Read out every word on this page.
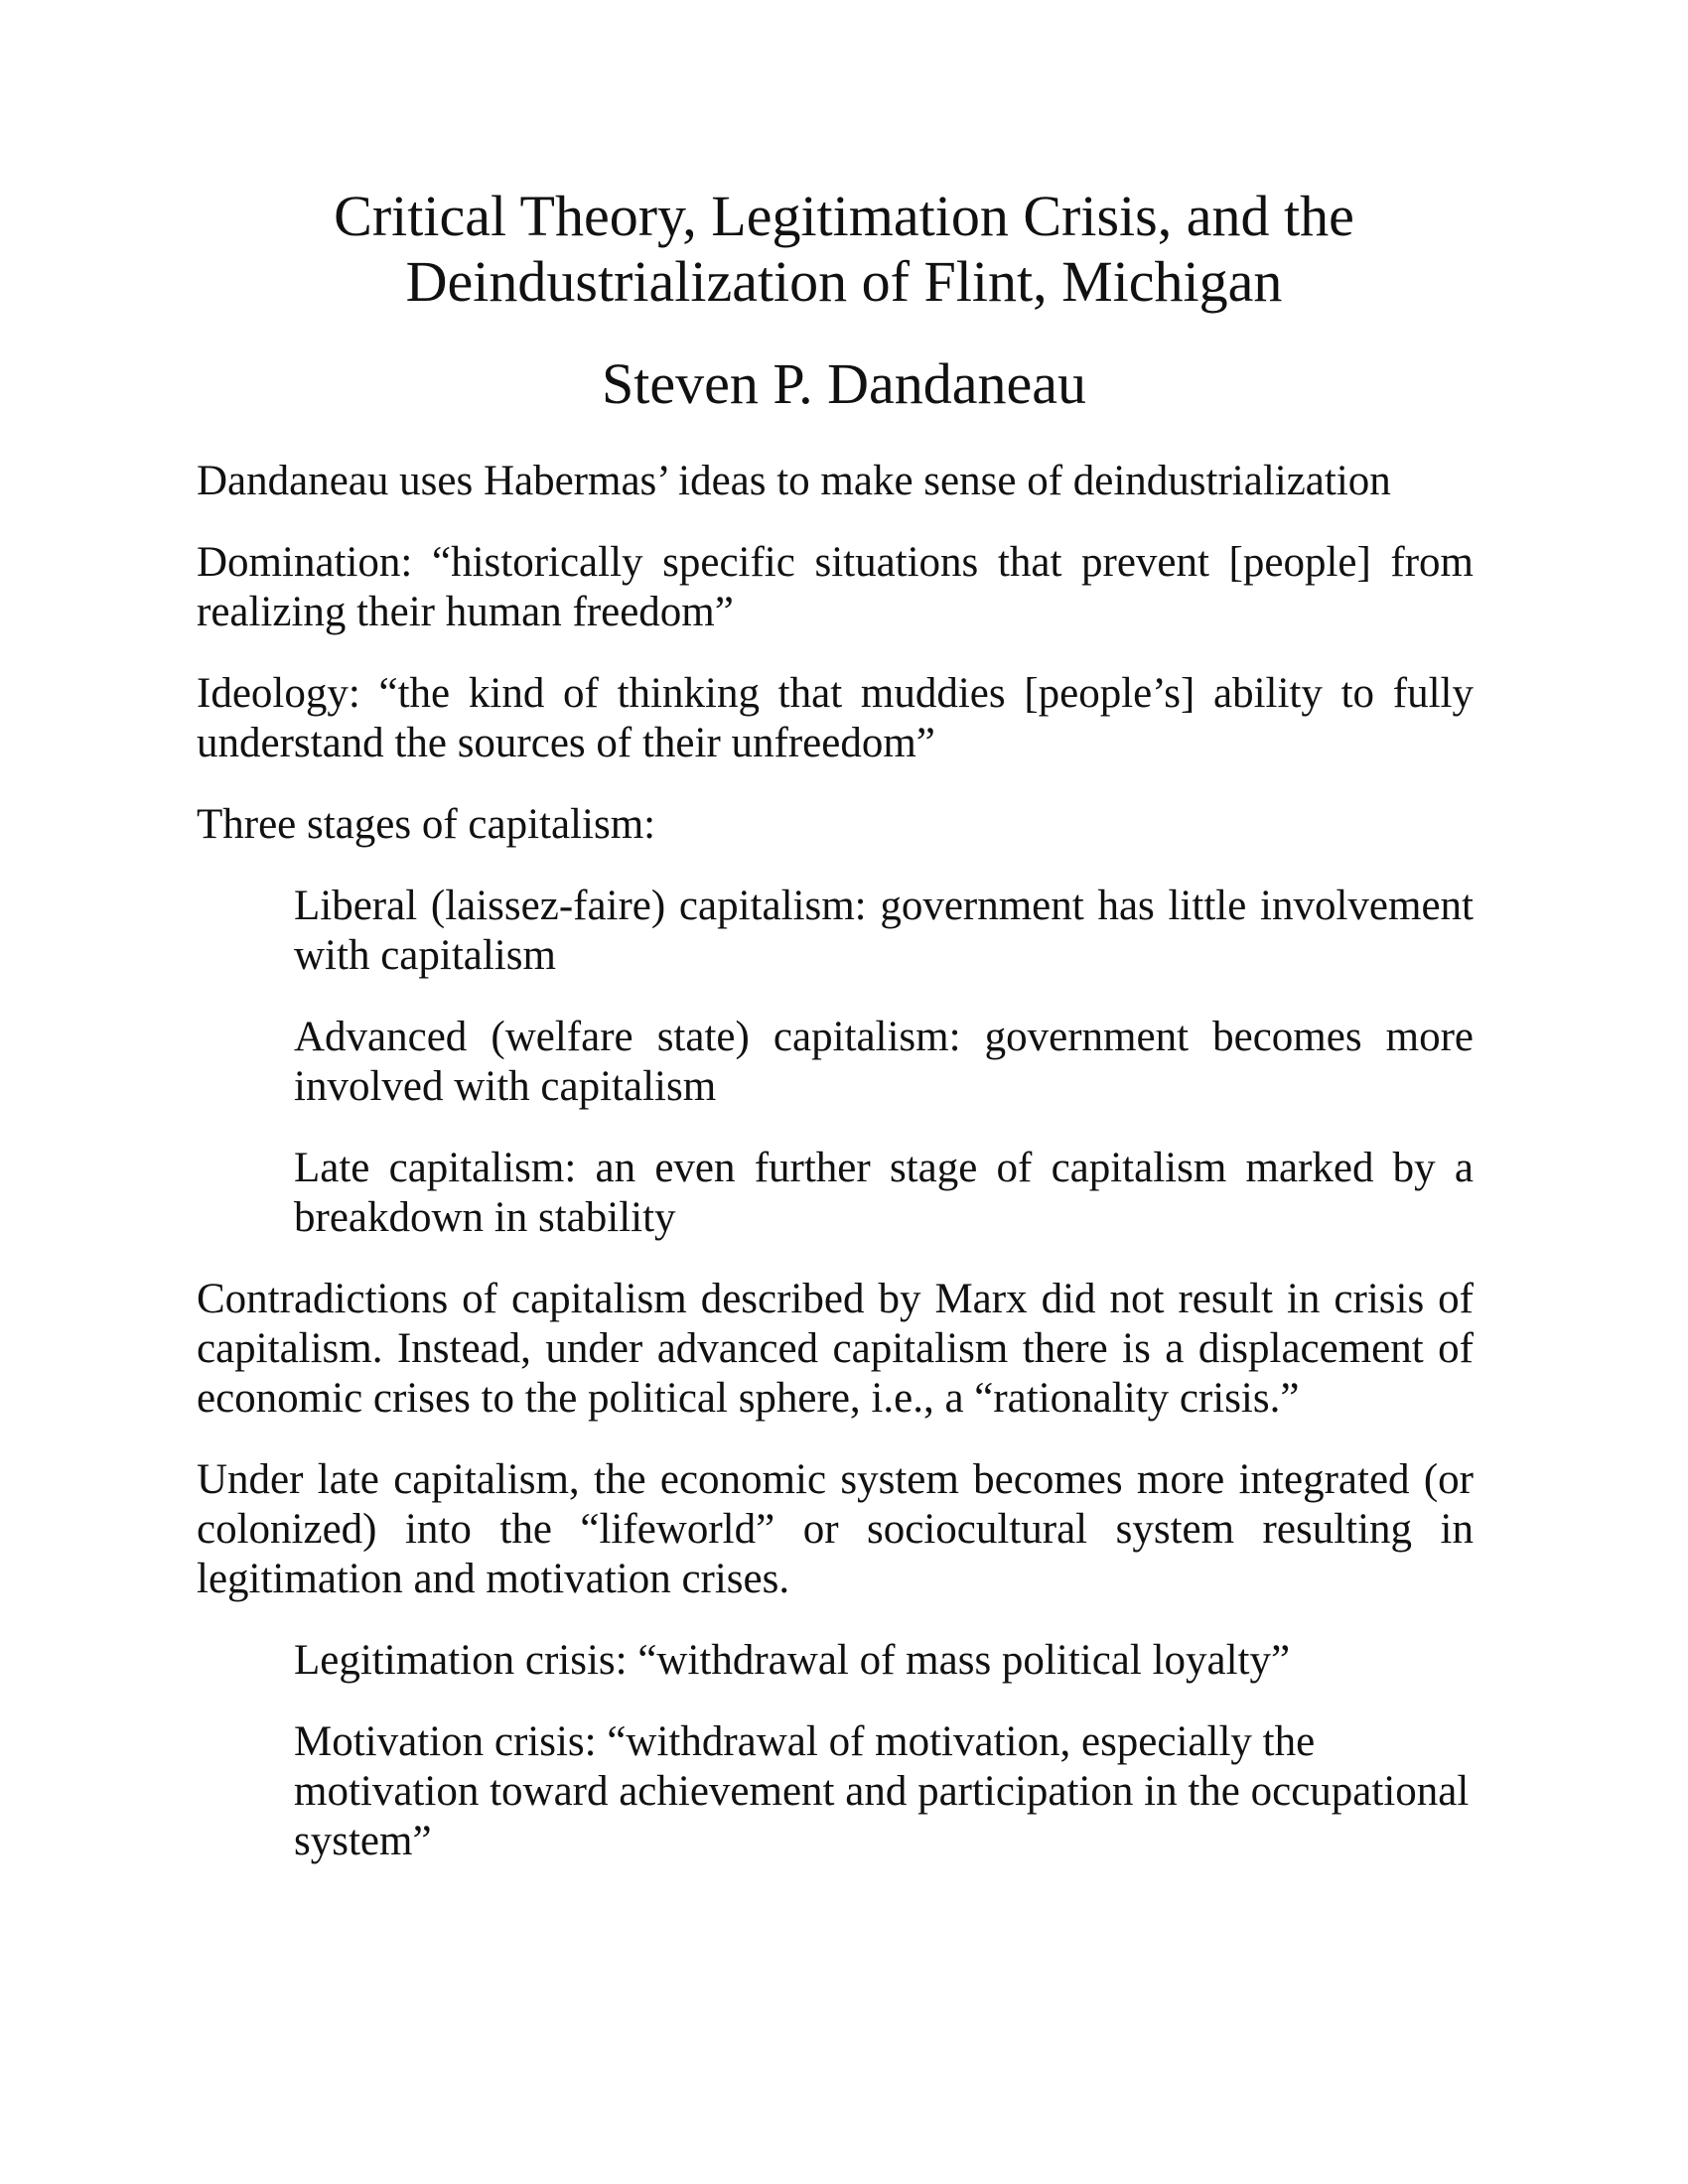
Critical Theory, Legitimation Crisis, and the
Deindustrialization of Flint, Michigan
Steven P. Dandaneau

Dandaneau uses Habermas’ ideas to make sense of deindustrialization

Domination: “historically specific situations that prevent [people] from realizing their human freedom”

Ideology: “the kind of thinking that muddies [people’s] ability to fully understand the sources of their unfreedom”

Three stages of capitalism:

Liberal (laissez-faire) capitalism: government has little involvement with capitalism

Advanced (welfare state) capitalism: government becomes more involved with capitalism

Late capitalism: an even further stage of capitalism marked by a breakdown in stability

Contradictions of capitalism described by Marx did not result in crisis of capitalism. Instead, under advanced capitalism there is a displacement of economic crises to the political sphere, i.e., a “rationality crisis.”

Under late capitalism, the economic system becomes more integrated (or colonized) into the “lifeworld” or sociocultural system resulting in legitimation and motivation crises.

Legitimation crisis: “withdrawal of mass political loyalty”

Motivation crisis: “withdrawal of motivation, especially the motivation toward achievement and participation in the occupational system”
